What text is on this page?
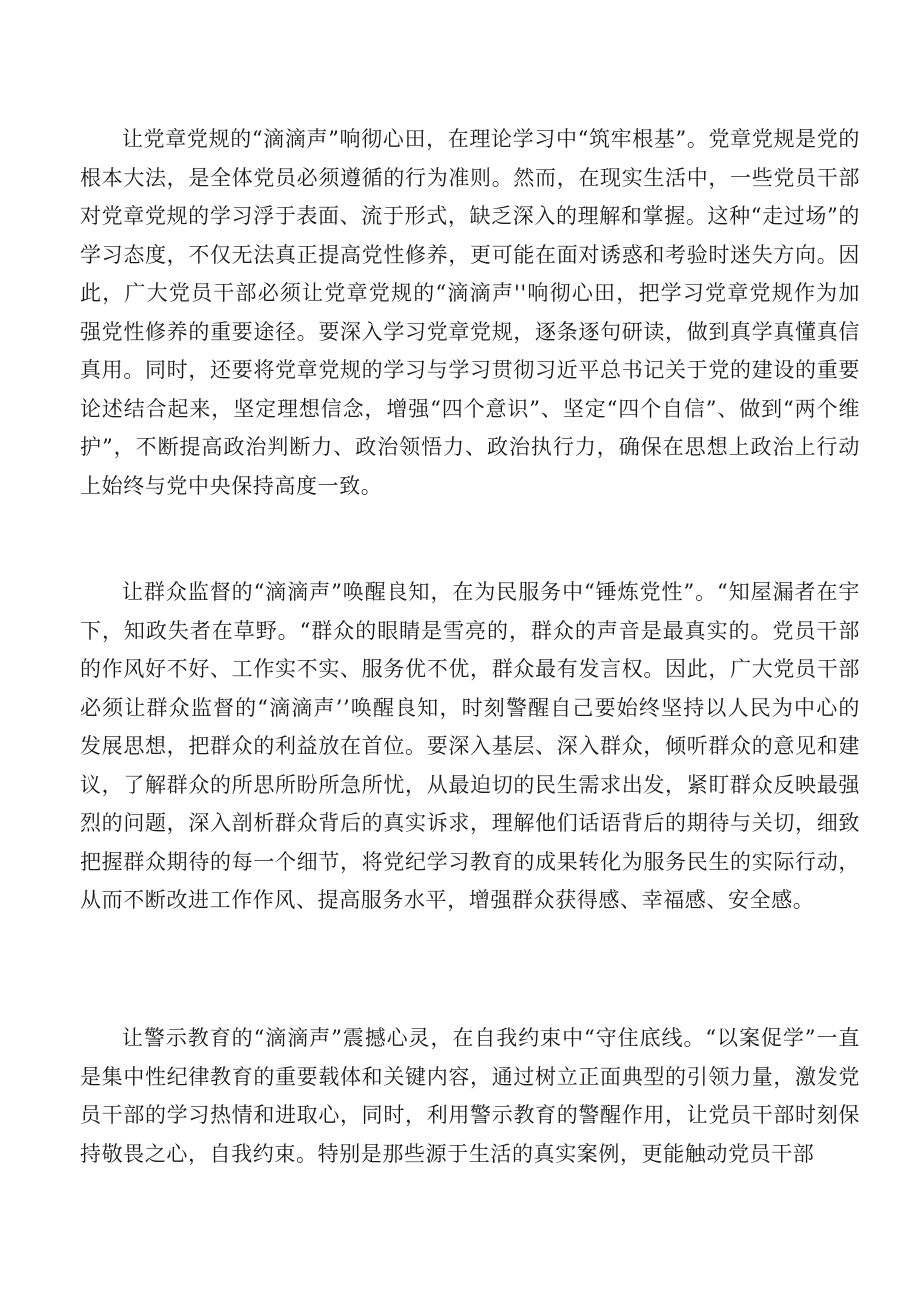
让党章党规的“滴滴声”响彻心田，在理论学习中“筑牢根基”。党章党规是党的根本大法，是全体党员必须遵循的行为准则。然而，在现实生活中，一些党员干部对党章党规的学习浮于表面、流于形式，缺乏深入的理解和掌握。这种“走过场”的学习态度，不仅无法真正提高党性修养，更可能在面对诱惑和考验时迷失方向。因此，广大党员干部必须让党章党规的“滴滴声''响彻心田，把学习党章党规作为加强党性修养的重要途径。要深入学习党章党规，逐条逐句研读，做到真学真懂真信真用。同时，还要将党章党规的学习与学习贯彻习近平总书记关于党的建设的重要论述结合起来，坚定理想信念，增强“四个意识”、坚定“四个自信”、做到“两个维护”，不断提高政治判断力、政治领悟力、政治执行力，确保在思想上政治上行动上始终与党中央保持高度一致。

让群众监督的“滴滴声”唤醒良知，在为民服务中“锤炼党性”。“知屋漏者在宇下，知政失者在草野。“群众的眼睛是雪亮的，群众的声音是最真实的。党员干部的作风好不好、工作实不实、服务优不优，群众最有发言权。因此，广大党员干部必须让群众监督的“滴滴声’’唤醒良知，时刻警醒自己要始终坚持以人民为中心的发展思想，把群众的利益放在首位。要深入基层、深入群众，倾听群众的意见和建议，了解群众的所思所盼所急所忧，从最迫切的民生需求出发，紧盯群众反映最强烈的问题，深入剖析群众背后的真实诉求，理解他们话语背后的期待与关切，细致把握群众期待的每一个细节，将党纪学习教育的成果转化为服务民生的实际行动，从而不断改进工作作风、提高服务水平，增强群众获得感、幸福感、安全感。

让警示教育的“滴滴声”震撼心灵，在自我约束中“守住底线。“以案促学”一直是集中性纪律教育的重要载体和关键内容，通过树立正面典型的引领力量，激发党员干部的学习热情和进取心，同时，利用警示教育的警醒作用，让党员干部时刻保持敬畏之心，自我约束。特别是那些源于生活的真实案例，更能触动党员干部
